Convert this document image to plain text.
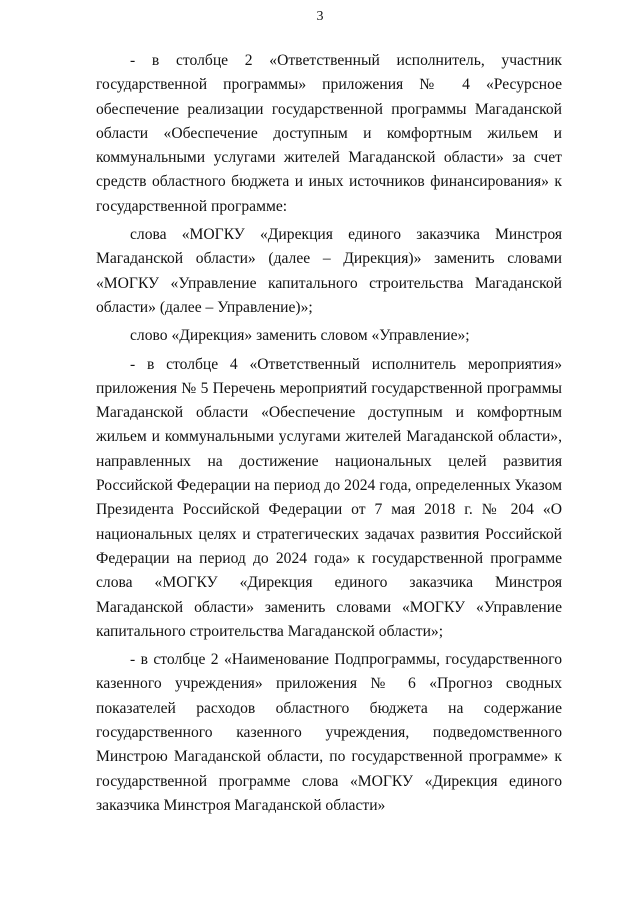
3

- в столбце 2 «Ответственный исполнитель, участник государственной программы» приложения № 4 «Ресурсное обеспечение реализации государственной программы Магаданской области «Обеспечение доступным и комфортным жильем и коммунальными услугами жителей Магаданской области» за счет средств областного бюджета и иных источников финансирования» к государственной программе:

слова «МОГКУ «Дирекция единого заказчика Минстроя Магаданской области» (далее – Дирекция)» заменить словами «МОГКУ «Управление капитального строительства Магаданской области» (далее – Управление)»;

слово «Дирекция» заменить словом «Управление»;

- в столбце 4 «Ответственный исполнитель мероприятия» приложения № 5 Перечень мероприятий государственной программы Магаданской области «Обеспечение доступным и комфортным жильем и коммунальными услугами жителей Магаданской области», направленных на достижение национальных целей развития Российской Федерации на период до 2024 года, определенных Указом Президента Российской Федерации от 7 мая 2018 г. № 204 «О национальных целях и стратегических задачах развития Российской Федерации на период до 2024 года» к государственной программе слова «МОГКУ «Дирекция единого заказчика Минстроя Магаданской области» заменить словами «МОГКУ «Управление капитального строительства Магаданской области»;

- в столбце 2 «Наименование Подпрограммы, государственного казенного учреждения» приложения № 6 «Прогноз сводных показателей расходов областного бюджета на содержание государственного казенного учреждения, подведомственного Минстрою Магаданской области, по государственной программе» к государственной программе слова «МОГКУ «Дирекция единого заказчика Минстроя Магаданской области»
